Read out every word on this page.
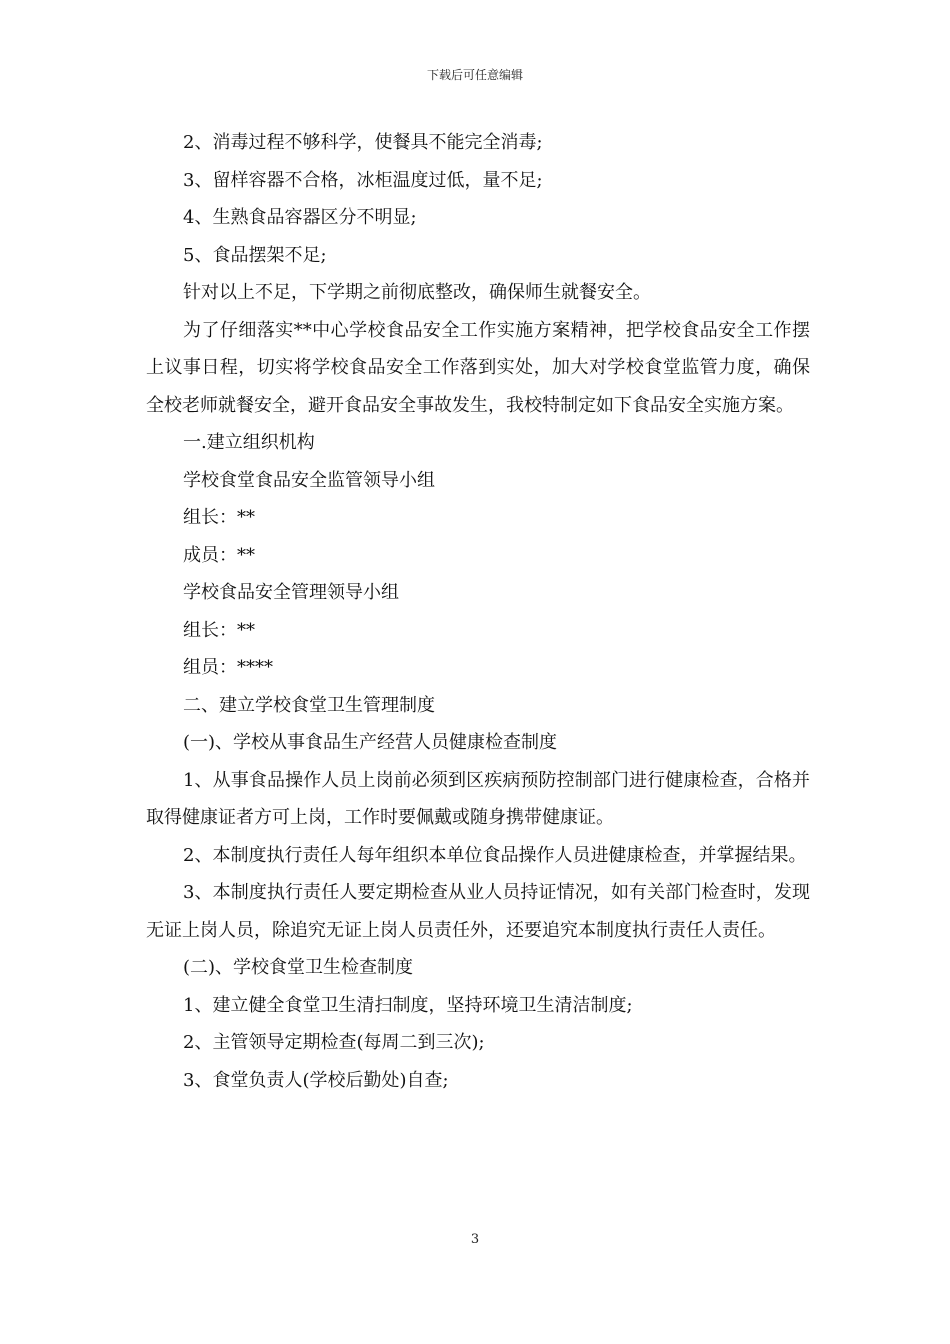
下载后可任意编辑

2、消毒过程不够科学，使餐具不能完全消毒;

3、留样容器不合格，冰柜温度过低，量不足;

4、生熟食品容器区分不明显;

5、食品摆架不足;

针对以上不足，下学期之前彻底整改，确保师生就餐安全。

为了仔细落实**中心学校食品安全工作实施方案精神，把学校食品安全工作摆上议事日程，切实将学校食品安全工作落到实处，加大对学校食堂监管力度，确保全校老师就餐安全，避开食品安全事故发生，我校特制定如下食品安全实施方案。

一.建立组织机构

学校食堂食品安全监管领导小组

组长：**

成员：**

学校食品安全管理领导小组

组长：**

组员：****

二、建立学校食堂卫生管理制度

(一)、学校从事食品生产经营人员健康检查制度

1、从事食品操作人员上岗前必须到区疾病预防控制部门进行健康检查，合格并取得健康证者方可上岗，工作时要佩戴或随身携带健康证。

2、本制度执行责任人每年组织本单位食品操作人员进健康检查，并掌握结果。

3、本制度执行责任人要定期检查从业人员持证情况，如有关部门检查时，发现无证上岗人员，除追究无证上岗人员责任外，还要追究本制度执行责任人责任。

(二)、学校食堂卫生检查制度

1、建立健全食堂卫生清扫制度，坚持环境卫生清洁制度;

2、主管领导定期检查(每周二到三次);

3、食堂负责人(学校后勤处)自查;

3
